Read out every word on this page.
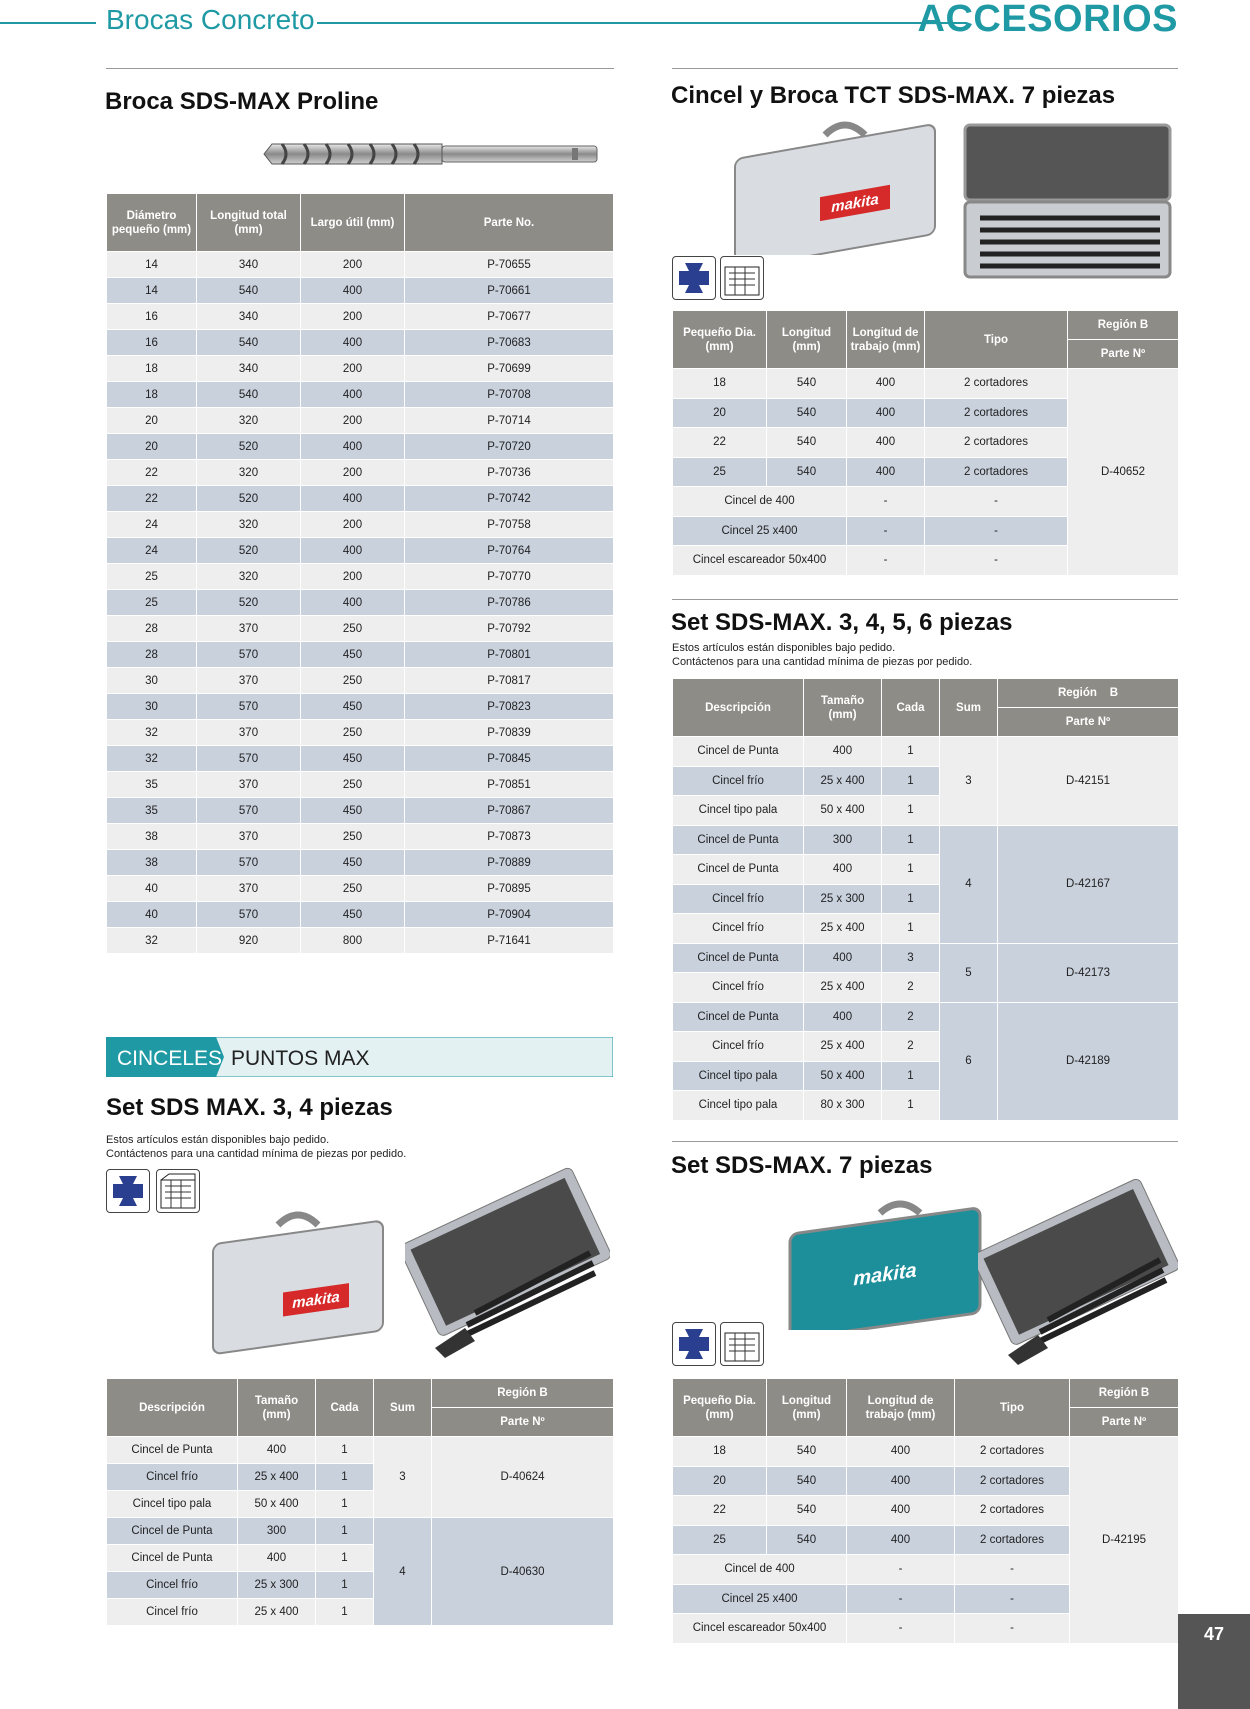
Brocas Concreto	ACCESORIOS
Broca SDS-MAX Proline
Diámetro pequeño (mm)	Longitud total (mm)	Largo útil (mm)	Parte No.
14	340	200	P-70655
14	540	400	P-70661
16	340	200	P-70677
16	540	400	P-70683
18	340	200	P-70699
18	540	400	P-70708
20	320	200	P-70714
20	520	400	P-70720
22	320	200	P-70736
22	520	400	P-70742
24	320	200	P-70758
24	520	400	P-70764
25	320	200	P-70770
25	520	400	P-70786
28	370	250	P-70792
28	570	450	P-70801
30	370	250	P-70817
30	570	450	P-70823
32	370	250	P-70839
32	570	450	P-70845
35	370	250	P-70851
35	570	450	P-70867
38	370	250	P-70873
38	570	450	P-70889
40	370	250	P-70895
40	570	450	P-70904
32	920	800	P-71641
CINCELES PUNTOS MAX
Set SDS MAX. 3, 4 piezas
Estos artículos están disponibles bajo pedido.
Contáctenos para una cantidad mínima de piezas por pedido.
makita
Descripción	Tamaño (mm)	Cada	Sum	Región B
				Parte Nº
Cincel de Punta	400	1	3	D-40624
Cincel frío	25 x 400	1		
Cincel tipo pala	50 x 400	1		
Cincel de Punta	300	1	4	D-40630
Cincel de Punta	400	1		
Cincel frío	25 x 300	1		
Cincel frío	25 x 400	1		
Cincel y Broca TCT SDS-MAX. 7 piezas
makita
Pequeño Dia. (mm)	Longitud (mm)	Longitud de trabajo (mm)	Tipo	Región B
				Parte Nº
18	540	400	2 cortadores	D-40652
20	540	400	2 cortadores	
22	540	400	2 cortadores	
25	540	400	2 cortadores	
Cincel de 400		-	-	
Cincel 25 x400		-	-	
Cincel escareador 50x400		-	-	
Set SDS-MAX. 3, 4, 5, 6 piezas
Estos artículos están disponibles bajo pedido.
Contáctenos para una cantidad mínima de piezas por pedido.
Descripción	Tamaño (mm)	Cada	Sum	Región B
				Parte Nº
Cincel de Punta	400	1	3	D-42151
Cincel frío	25 x 400	1		
Cincel tipo pala	50 x 400	1		
Cincel de Punta	300	1	4	D-42167
Cincel de Punta	400	1		
Cincel frío	25 x 300	1		
Cincel frío	25 x 400	1		
Cincel de Punta	400	3	5	D-42173
Cincel frío	25 x 400	2		
Cincel de Punta	400	2	6	D-42189
Cincel frío	25 x 400	2		
Cincel tipo pala	50 x 400	1		
Cincel tipo pala	80 x 300	1		
Set SDS-MAX. 7 piezas
makita
Pequeño Dia. (mm)	Longitud (mm)	Longitud de trabajo (mm)	Tipo	Región B
				Parte Nº
18	540	400	2 cortadores	D-42195
20	540	400	2 cortadores	
22	540	400	2 cortadores	
25	540	400	2 cortadores	
Cincel de 400		-	-	
Cincel 25 x400		-	-	
Cincel escareador 50x400		-	-		47
